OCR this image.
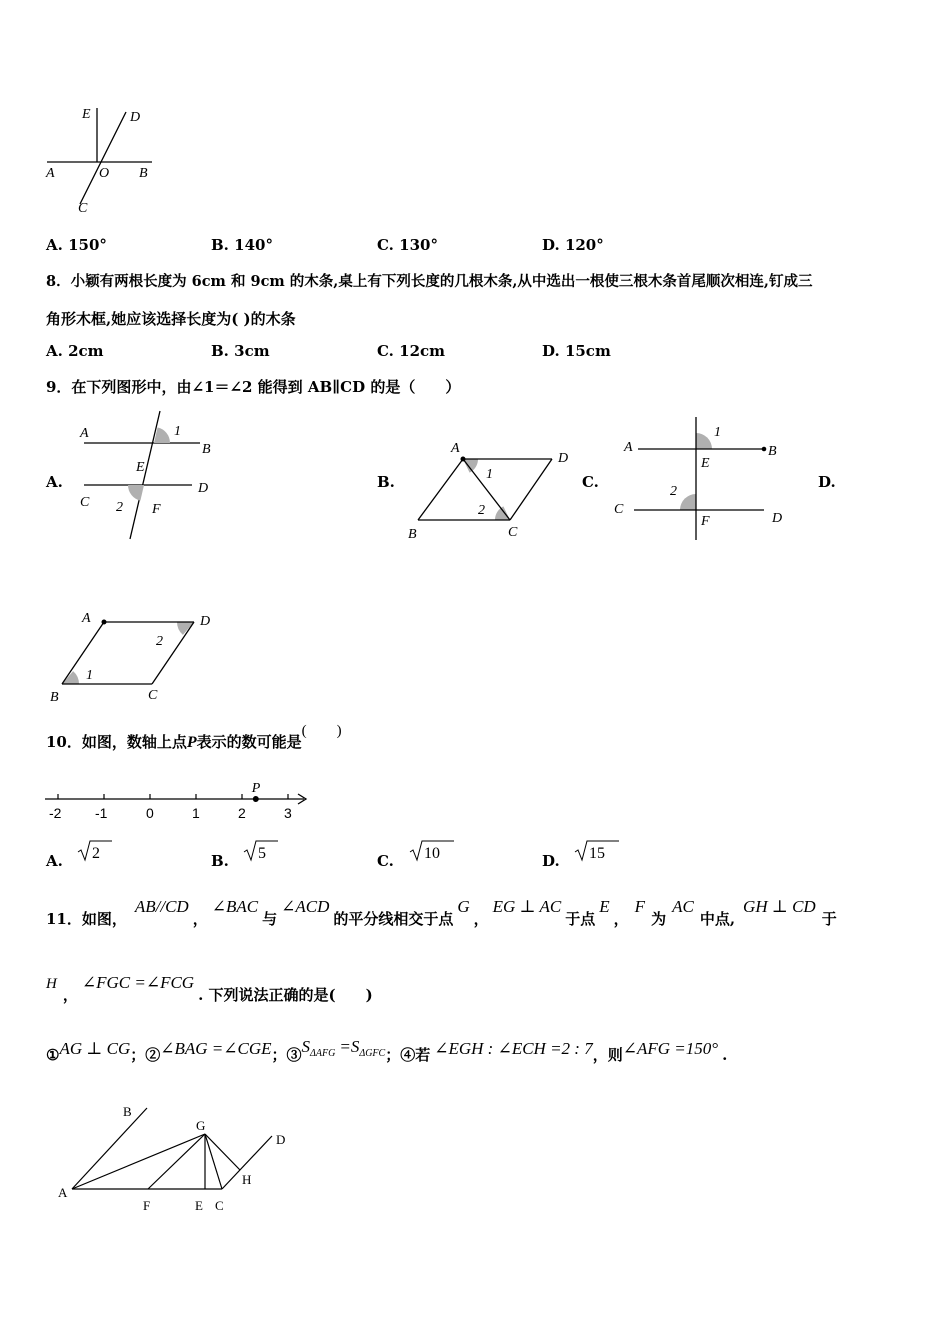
E	D
A	O B
C
A. 150°	B. 140°	C. 130°	D. 120°
8．小颖有两根长度为 6cm 和 9cm 的木条,桌上有下列长度的几根木条,从中选出一根使三根木条首尾顺次相连,钉成三
角形木框,她应该选择长度为( )的木条
A. 2cm	B. 3cm	C. 12cm	D. 15cm
9．在下列图形中，由∠1＝∠2 能得到 AB∥CD 的是（　　）
A.
A	1
B
E
D
C 2 F
B.
A
D
1
2
B	C
C.
A
1
B
E
2
C
F	D
D.
A	D
2
1
B	C
10．如图，数轴上点P表示的数可能是(　　)
-2 -1	0	1	2	3
P
A. 2	B. 5	C. 10	D. 15
11．如图，AB//CD，∠BAC与∠ACD的平分线相交于点G，EG ⊥ AC于点E，F为AC中点,GH ⊥ CD于
H，∠FGC =∠FCG. 下列说法正确的是(　　)
①AG ⊥ CG；②∠BAG =∠CGE；$③S_{\Delta AFG} =S_{\Delta GFC}$；④若 ∠EGH : ∠ECH =2 : 7，则∠AFG =150° .
A
B
G
D
H
F	E C
